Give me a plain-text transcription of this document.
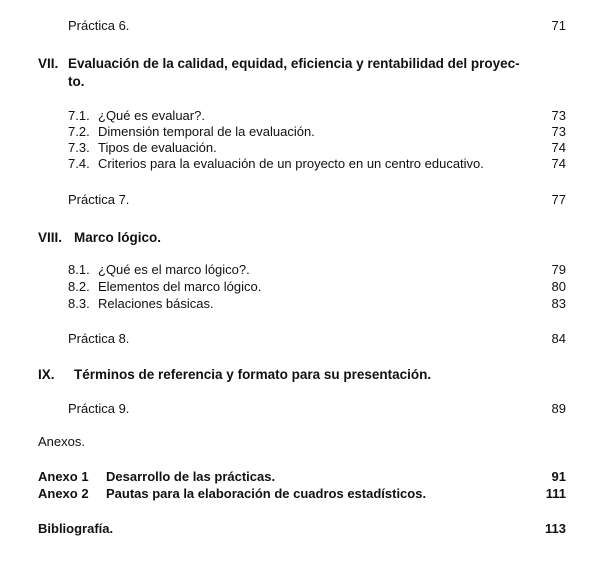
Práctica 6.	71
VII. Evaluación de la calidad, equidad, eficiencia y rentabilidad del proyec-
to.
7.1. ¿Qué es evaluar?.	73
7.2. Dimensión temporal de la evaluación.	73
7.3. Tipos de evaluación.	74
7.4. Criterios para la evaluación de un proyecto en un centro educativo.	74
Práctica 7.	77
VIII. Marco lógico.
8.1. ¿Qué es el marco lógico?.	79
8.2. Elementos del marco lógico.	80
8.3. Relaciones básicas.	83
Práctica 8.	84
IX. Términos de referencia y formato para su presentación.
Práctica 9.	89
Anexos.
Anexo 1 Desarrollo de las prácticas.	91
Anexo 2 Pautas para la elaboración de cuadros estadísticos.	111
Bibliografía.	113
